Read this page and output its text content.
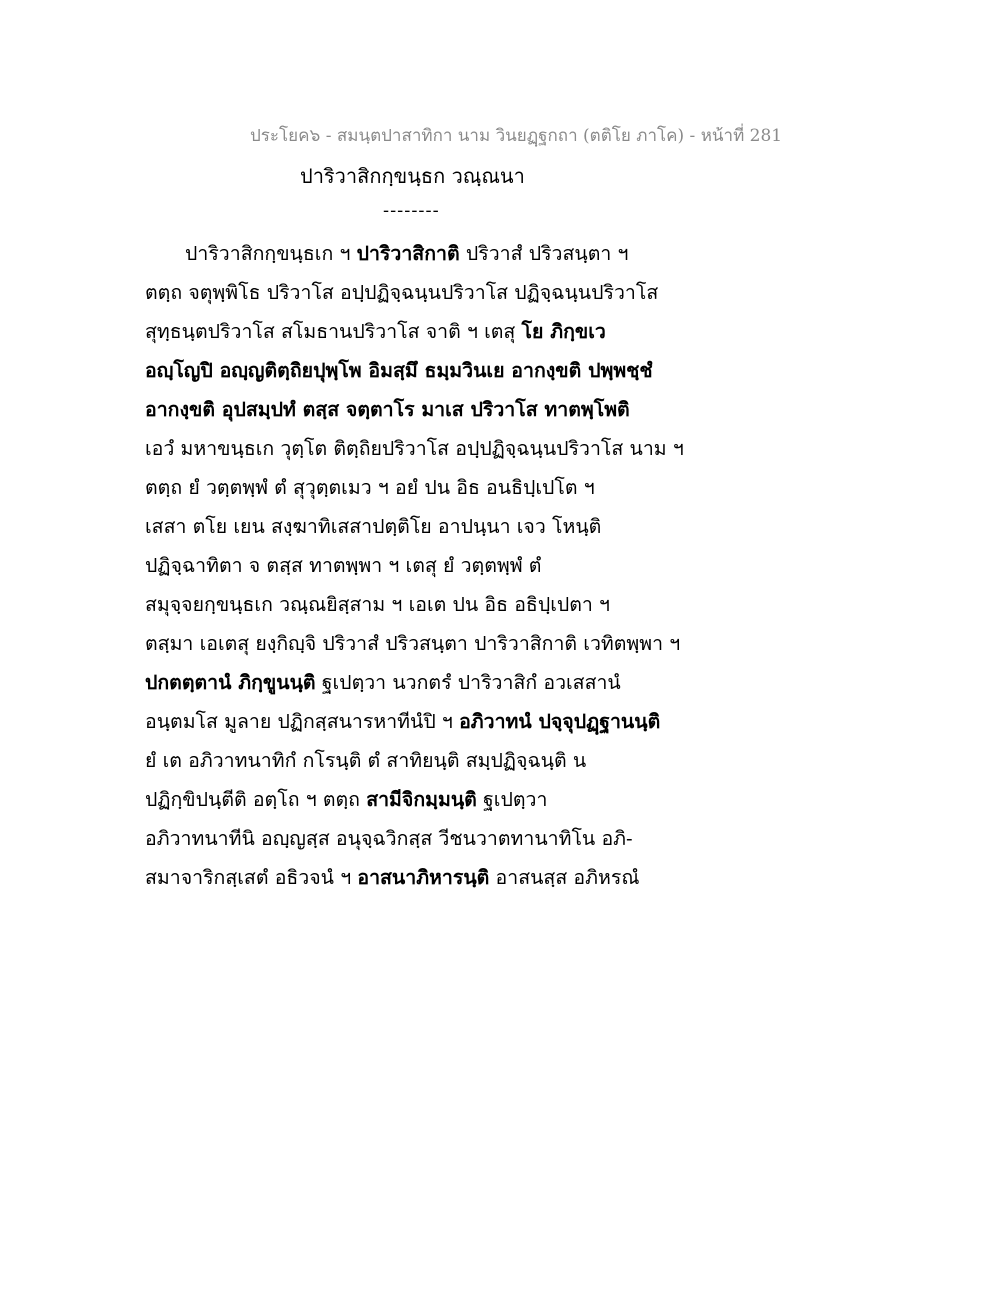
ประโยค๖ - สมนฺตปาสาทิกา นาม วินยฏฺฐกถา (ตติโย ภาโค) - หน้าที่ 281
ปาริวาสิกกฺขนฺธก วณฺณนา
--------
ปาริวาสิกกฺขนฺธเก ฯ ปาริวาสิกาติ ปริวาสํ ปริวสนฺตา ฯ
ตตฺถ จตุพฺพิโธ ปริวาโส อปฺปฏิจฺฉนฺนปริวาโส ปฏิจฺฉนฺนปริวาโส
สุทฺธนฺตปริวาโส สโมธานปริวาโส จาติ ฯ เตสุ โย ภิกฺขเว
อญฺโญปิ อญฺญติตฺถิยปุพฺโพ อิมสฺมึ ธมฺมวินเย อากงฺขติ ปพฺพชฺชํ
อากงฺขติ อุปสมฺปทํ ตสฺส จตฺตาโร มาเส ปริวาโส ทาตพฺโพติ
เอวํ มหาขนฺธเก วุตฺโต ติตฺถิยปริวาโส อปฺปฏิจฺฉนฺนปริวาโส นาม ฯ
ตตฺถ ยํ วตฺตพฺพํ ตํ สุวุตฺตเมว ฯ อยํ ปน อิธ อนธิปฺเปโต ฯ
เสสา ตโย เยน สงฺฆาทิเสสาปตฺติโย อาปนฺนา เจว โหนฺติ
ปฏิจฺฉาทิตา จ ตสฺส ทาตพฺพา ฯ เตสุ ยํ วตฺตพฺพํ ตํ
สมุจฺจยกฺขนฺธเก วณฺณยิสฺสาม ฯ เอเต ปน อิธ อธิปฺเปตา ฯ
ตสฺมา เอเตสุ ยงฺกิญฺจิ ปริวาสํ ปริวสนฺตา ปาริวาสิกาติ เวทิตพฺพา ฯ
ปกตตฺตานํ ภิกฺขูนนฺติ ฐเปตฺวา นวกตรํ ปาริวาสิกํ อวเสสานํ
อนฺตมโส มูลาย ปฏิกสฺสนารหาทีนํปิ ฯ อภิวาทนํ ปจฺจุปฏฺฐานนฺติ
ยํ เต อภิวาทนาทิกํ กโรนฺติ ตํ สาทิยนฺติ สมฺปฏิจฺฉนฺติ น
ปฏิกฺขิปนฺตีติ อตฺโถ ฯ ตตฺถ สามีจิกมฺมนฺติ ฐเปตฺวา
อภิวาทนาทีนิ อญฺญสฺส อนุจฺฉวิกสฺส วีชนวาตทานาทิโน อภิ-
สมาจาริกสฺเสตํ อธิวจนํ ฯ อาสนาภิหารนฺติ อาสนสฺส อภิหรณํ
